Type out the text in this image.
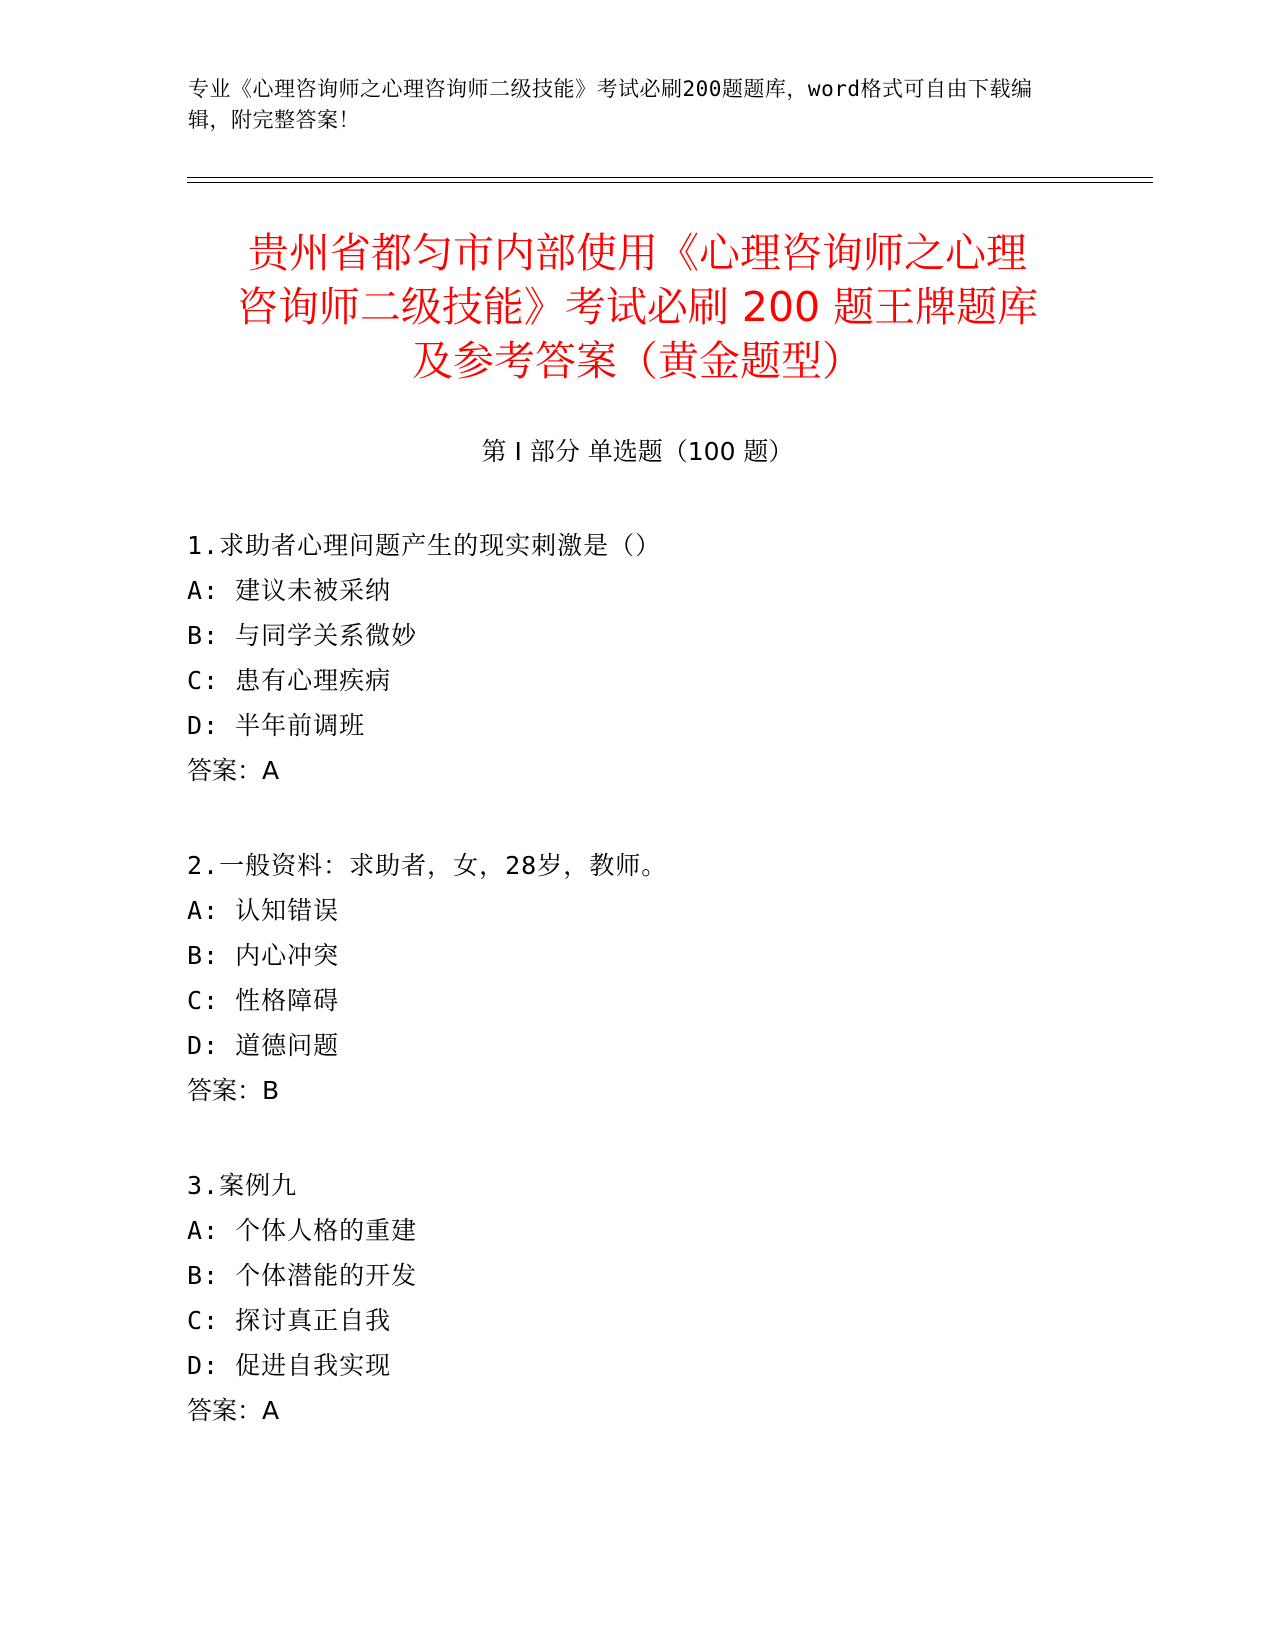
专业《心理咨询师之心理咨询师二级技能》考试必刷200题题库，word格式可自由下载编辑，附完整答案！

贵州省都匀市内部使用《心理咨询师之心理
咨询师二级技能》考试必刷 200 题王牌题库
及参考答案（黄金题型）
第 I 部分 单选题（100 题）
1.求助者心理问题产生的现实刺激是（）
A: 建议未被采纳
B: 与同学关系微妙
C: 患有心理疾病
D: 半年前调班
答案：A
2.一般资料：求助者，女，28岁，教师。
A: 认知错误
B: 内心冲突
C: 性格障碍
D: 道德问题
答案：B
3.案例九
A: 个体人格的重建
B: 个体潜能的开发
C: 探讨真正自我
D: 促进自我实现
答案：A
